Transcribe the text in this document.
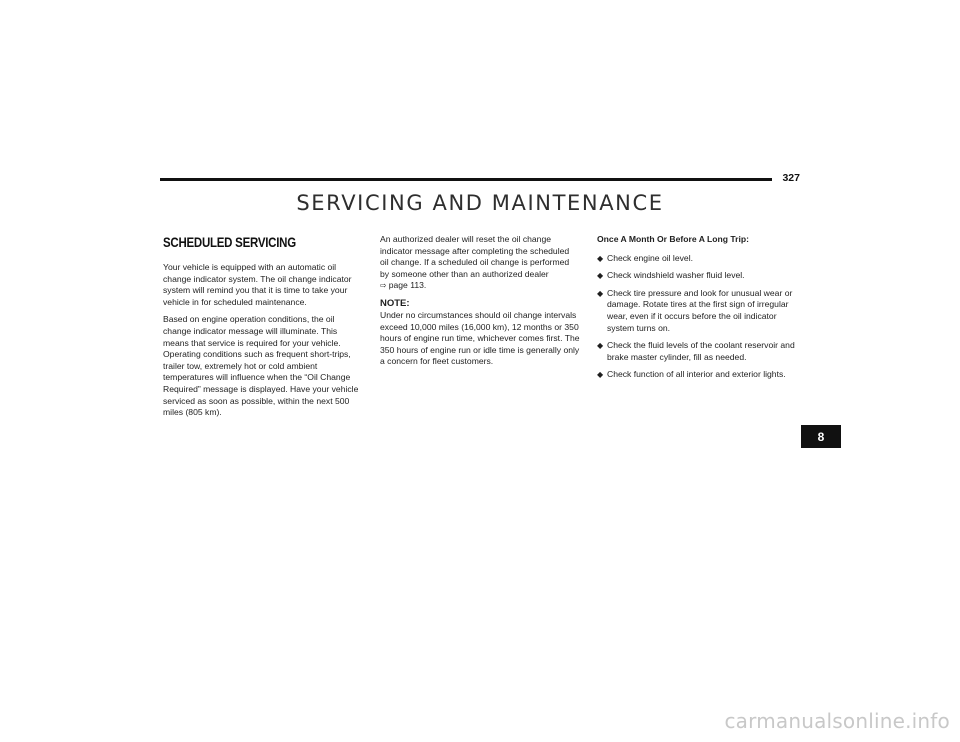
327
SERVICING AND MAINTENANCE
SCHEDULED SERVICING

Your vehicle is equipped with an automatic oil change indicator system. The oil change indicator system will remind you that it is time to take your vehicle in for scheduled maintenance.

Based on engine operation conditions, the oil change indicator message will illuminate. This means that service is required for your vehicle. Operating conditions such as frequent short-trips, trailer tow, extremely hot or cold ambient temperatures will influence when the “Oil Change Required” message is displayed. Have your vehicle serviced as soon as possible, within the next 500 miles (805 km).

An authorized dealer will reset the oil change indicator message after completing the scheduled oil change. If a scheduled oil change is performed by someone other than an authorized dealer
⇨ page 113.

NOTE:

Under no circumstances should oil change intervals exceed 10,000 miles (16,000 km), 12 months or 350 hours of engine run time, whichever comes first. The 350 hours of engine run or idle time is generally only a concern for fleet customers.

Once A Month Or Before A Long Trip:
◆ Check engine oil level.
◆ Check windshield washer fluid level.
◆ Check tire pressure and look for unusual wear or damage. Rotate tires at the first sign of irregular wear, even if it occurs before the oil indicator system turns on.
◆ Check the fluid levels of the coolant reservoir and brake master cylinder, fill as needed.
◆ Check function of all interior and exterior lights.
8
carmanualsonline.info
